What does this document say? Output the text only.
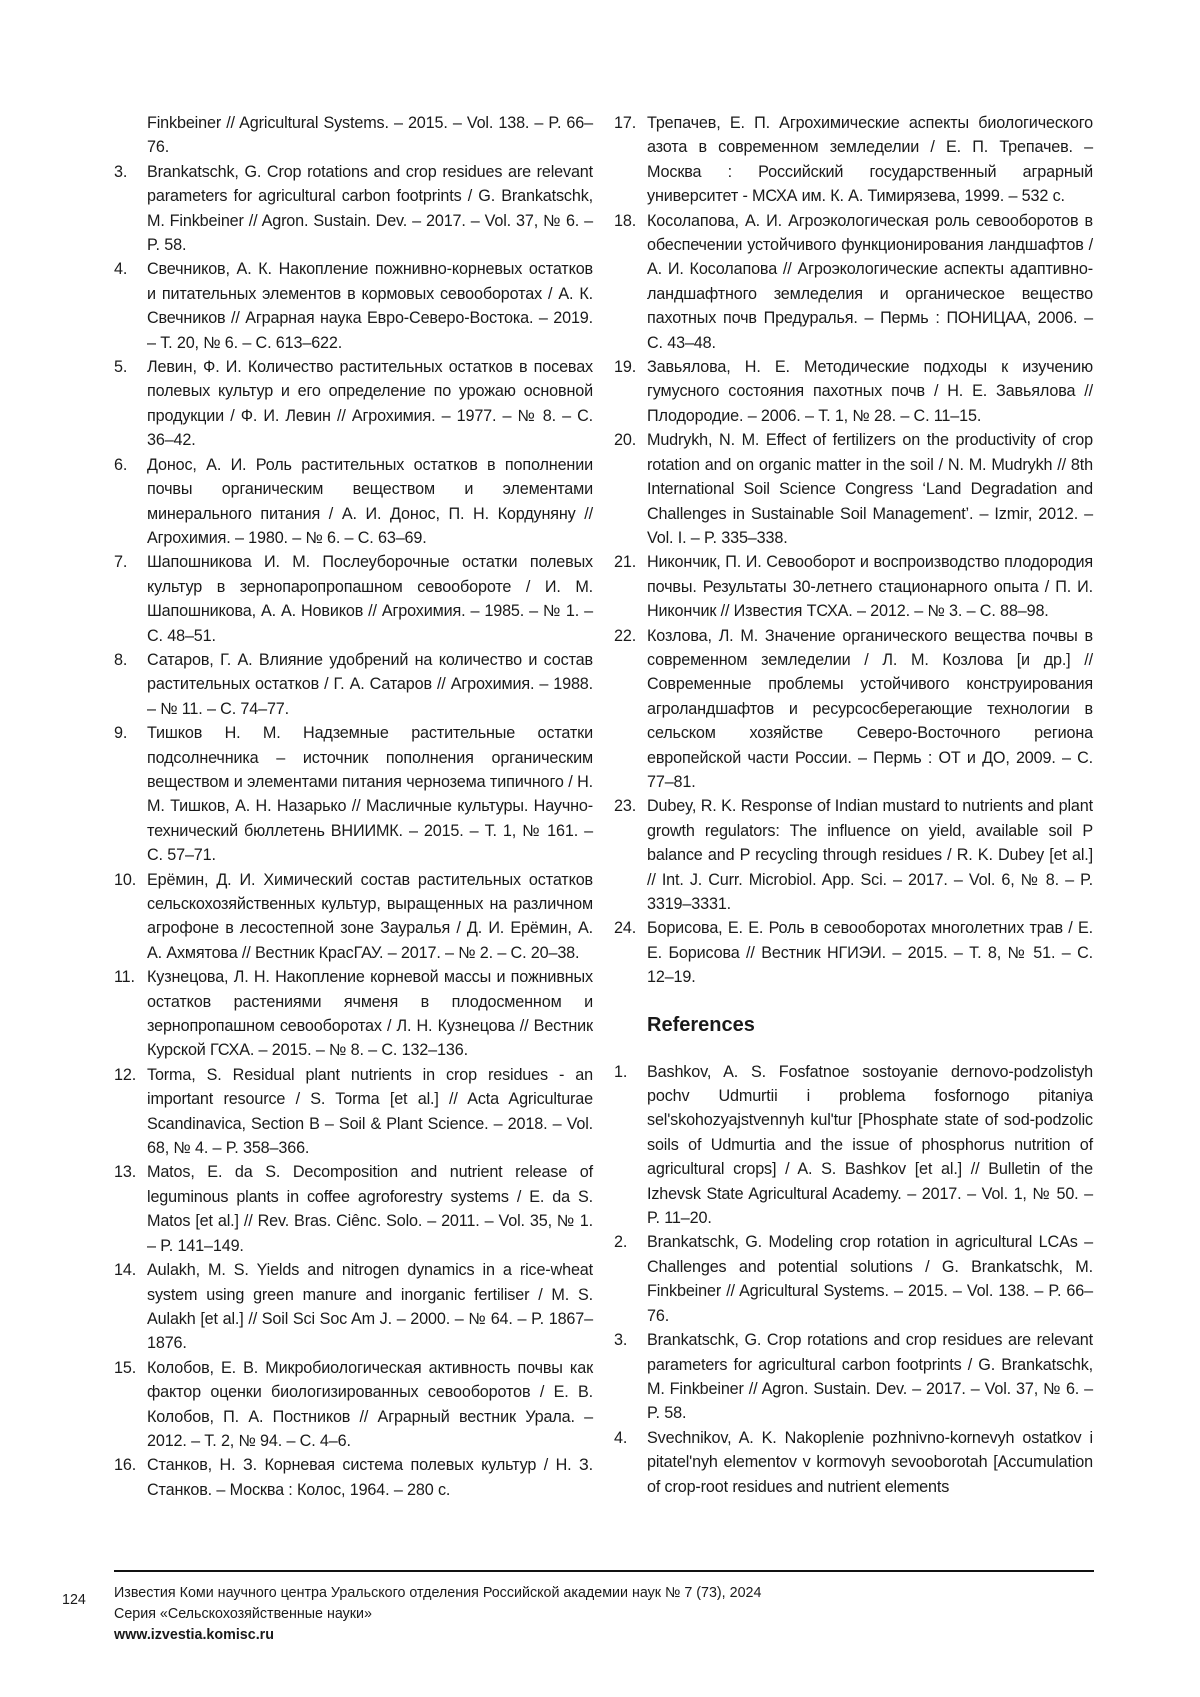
Finkbeiner // Agricultural Systems. – 2015. – Vol. 138. – P. 66–76.

3. Brankatschk, G. Crop rotations and crop residues are relevant parameters for agricultural carbon footprints / G. Brankatschk, M. Finkbeiner // Agron. Sustain. Dev. – 2017. – Vol. 37, № 6. – P. 58.

4. Свечников, А. К. Накопление пожнивно-корневых остатков и питательных элементов в кормовых севооборотах / А. К. Свечников // Аграрная наука Евро-Северо-Востока. – 2019. – Т. 20, № 6. – С. 613–622.

5. Левин, Ф. И. Количество растительных остатков в посевах полевых культур и его определение по урожаю основной продукции / Ф. И. Левин // Агрохимия. – 1977. – № 8. – С. 36–42.

6. Донос, А. И. Роль растительных остатков в пополнении почвы органическим веществом и элементами минерального питания / А. И. Донос, П. Н. Кордуняну // Агрохимия. – 1980. – № 6. – С. 63–69.

7. Шапошникова И. М. Послеуборочные остатки полевых культур в зернопаропропашном севообороте / И. М. Шапошникова, А. А. Новиков // Агрохимия. – 1985. – № 1. – С. 48–51.

8. Сатаров, Г. А. Влияние удобрений на количество и состав растительных остатков / Г. А. Сатаров // Агрохимия. – 1988. – № 11. – С. 74–77.

9. Тишков Н. М. Надземные растительные остатки подсолнечника – источник пополнения органическим веществом и элементами питания чернозема типичного / Н. М. Тишков, А. Н. Назарько // Масличные культуры. Научно-технический бюллетень ВНИИМК. – 2015. – Т. 1, № 161. – С. 57–71.

10. Ерёмин, Д. И. Химический состав растительных остатков сельскохозяйственных культур, выращенных на различном агрофоне в лесостепной зоне Зауралья / Д. И. Ерёмин, А. А. Ахмятова // Вестник КрасГАУ. – 2017. – № 2. – С. 20–38.

11. Кузнецова, Л. Н. Накопление корневой массы и пожнивных остатков растениями ячменя в плодосменном и зернопропашном севооборотах / Л. Н. Кузнецова // Вестник Курской ГСХА. – 2015. – № 8. – С. 132–136.

12. Torma, S. Residual plant nutrients in crop residues - an important resource / S. Torma [et al.] // Acta Agriculturae Scandinavica, Section B – Soil & Plant Science. – 2018. – Vol. 68, № 4. – P. 358–366.

13. Matos, E. da S. Decomposition and nutrient release of leguminous plants in coffee agroforestry systems / E. da S. Matos [et al.] // Rev. Bras. Ciênc. Solo. – 2011. – Vol. 35, № 1. – P. 141–149.

14. Aulakh, M. S. Yields and nitrogen dynamics in a rice-wheat system using green manure and inorganic fertiliser / M. S. Aulakh [et al.] // Soil Sci Soc Am J. – 2000. – № 64. – P. 1867–1876.

15. Колобов, Е. В. Микробиологическая активность почвы как фактор оценки биологизированных севооборотов / Е. В. Колобов, П. А. Постников // Аграрный вестник Урала. – 2012. – Т. 2, № 94. – С. 4–6.

16. Станков, Н. З. Корневая система полевых культур / Н. З. Станков. – Москва : Колос, 1964. – 280 с.

17. Трепачев, Е. П. Агрохимические аспекты биологического азота в современном земледелии / Е. П. Трепачев. – Москва : Российский государственный аграрный университет - МСХА им. К. А. Тимирязева, 1999. – 532 с.

18. Косолапова, А. И. Агроэкологическая роль севооборотов в обеспечении устойчивого функционирования ландшафтов / А. И. Косолапова // Агроэкологические аспекты адаптивно-ландшафтного земледелия и органическое вещество пахотных почв Предуралья. – Пермь : ПОНИЦАА, 2006. – С. 43–48.

19. Завьялова, Н. Е. Методические подходы к изучению гумусного состояния пахотных почв / Н. Е. Завьялова // Плодородие. – 2006. – Т. 1, № 28. – С. 11–15.

20. Mudrykh, N. M. Effect of fertilizers on the productivity of crop rotation and on organic matter in the soil / N. M. Mudrykh // 8th International Soil Science Congress ‘Land Degradation and Challenges in Sustainable Soil Management’. – Izmir, 2012. – Vol. I. – P. 335–338.

21. Никончик, П. И. Севооборот и воспроизводство плодородия почвы. Результаты 30-летнего стационарного опыта / П. И. Никончик // Известия ТСХА. – 2012. – № 3. – С. 88–98.

22. Козлова, Л. М. Значение органического вещества почвы в современном земледелии / Л. М. Козлова [и др.] // Современные проблемы устойчивого конструирования агроландшафтов и ресурсосберегающие технологии в сельском хозяйстве Северо-Восточного региона европейской части России. – Пермь : ОТ и ДО, 2009. – С. 77–81.

23. Dubey, R. K. Response of Indian mustard to nutrients and plant growth regulators: The influence on yield, available soil P balance and P recycling through residues / R. K. Dubey [et al.] // Int. J. Curr. Microbiol. App. Sci. – 2017. – Vol. 6, № 8. – P. 3319–3331.

24. Борисова, Е. Е. Роль в севооборотах многолетних трав / Е. Е. Борисова // Вестник НГИЭИ. – 2015. – Т. 8, № 51. – С. 12–19.

References

1. Bashkov, A. S. Fosfatnoe sostoyanie dernovo-podzolistyh pochv Udmurtii i problema fosfornogo pitaniya sel'skohozyajstvennyh kul'tur [Phosphate state of sod-podzolic soils of Udmurtia and the issue of phosphorus nutrition of agricultural crops] / A. S. Bashkov [et al.] // Bulletin of the Izhevsk State Agricultural Academy. – 2017. – Vol. 1, № 50. – P. 11–20.

2. Brankatschk, G. Modeling crop rotation in agricultural LCAs – Challenges and potential solutions / G. Brankatschk, M. Finkbeiner // Agricultural Systems. – 2015. – Vol. 138. – P. 66–76.

3. Brankatschk, G. Crop rotations and crop residues are relevant parameters for agricultural carbon footprints / G. Brankatschk, M. Finkbeiner // Agron. Sustain. Dev. – 2017. – Vol. 37, № 6. – P. 58.

4. Svechnikov, A. K. Nakoplenie pozhnivno-kornevyh ostatkov i pitatel'nyh elementov v kormovyh sevooborotah [Accumulation of crop-root residues and nutrient elements

124 Известия Коми научного центра Уральского отделения Российской академии наук № 7 (73), 2024
Серия «Сельскохозяйственные науки»
www.izvestia.komisc.ru
